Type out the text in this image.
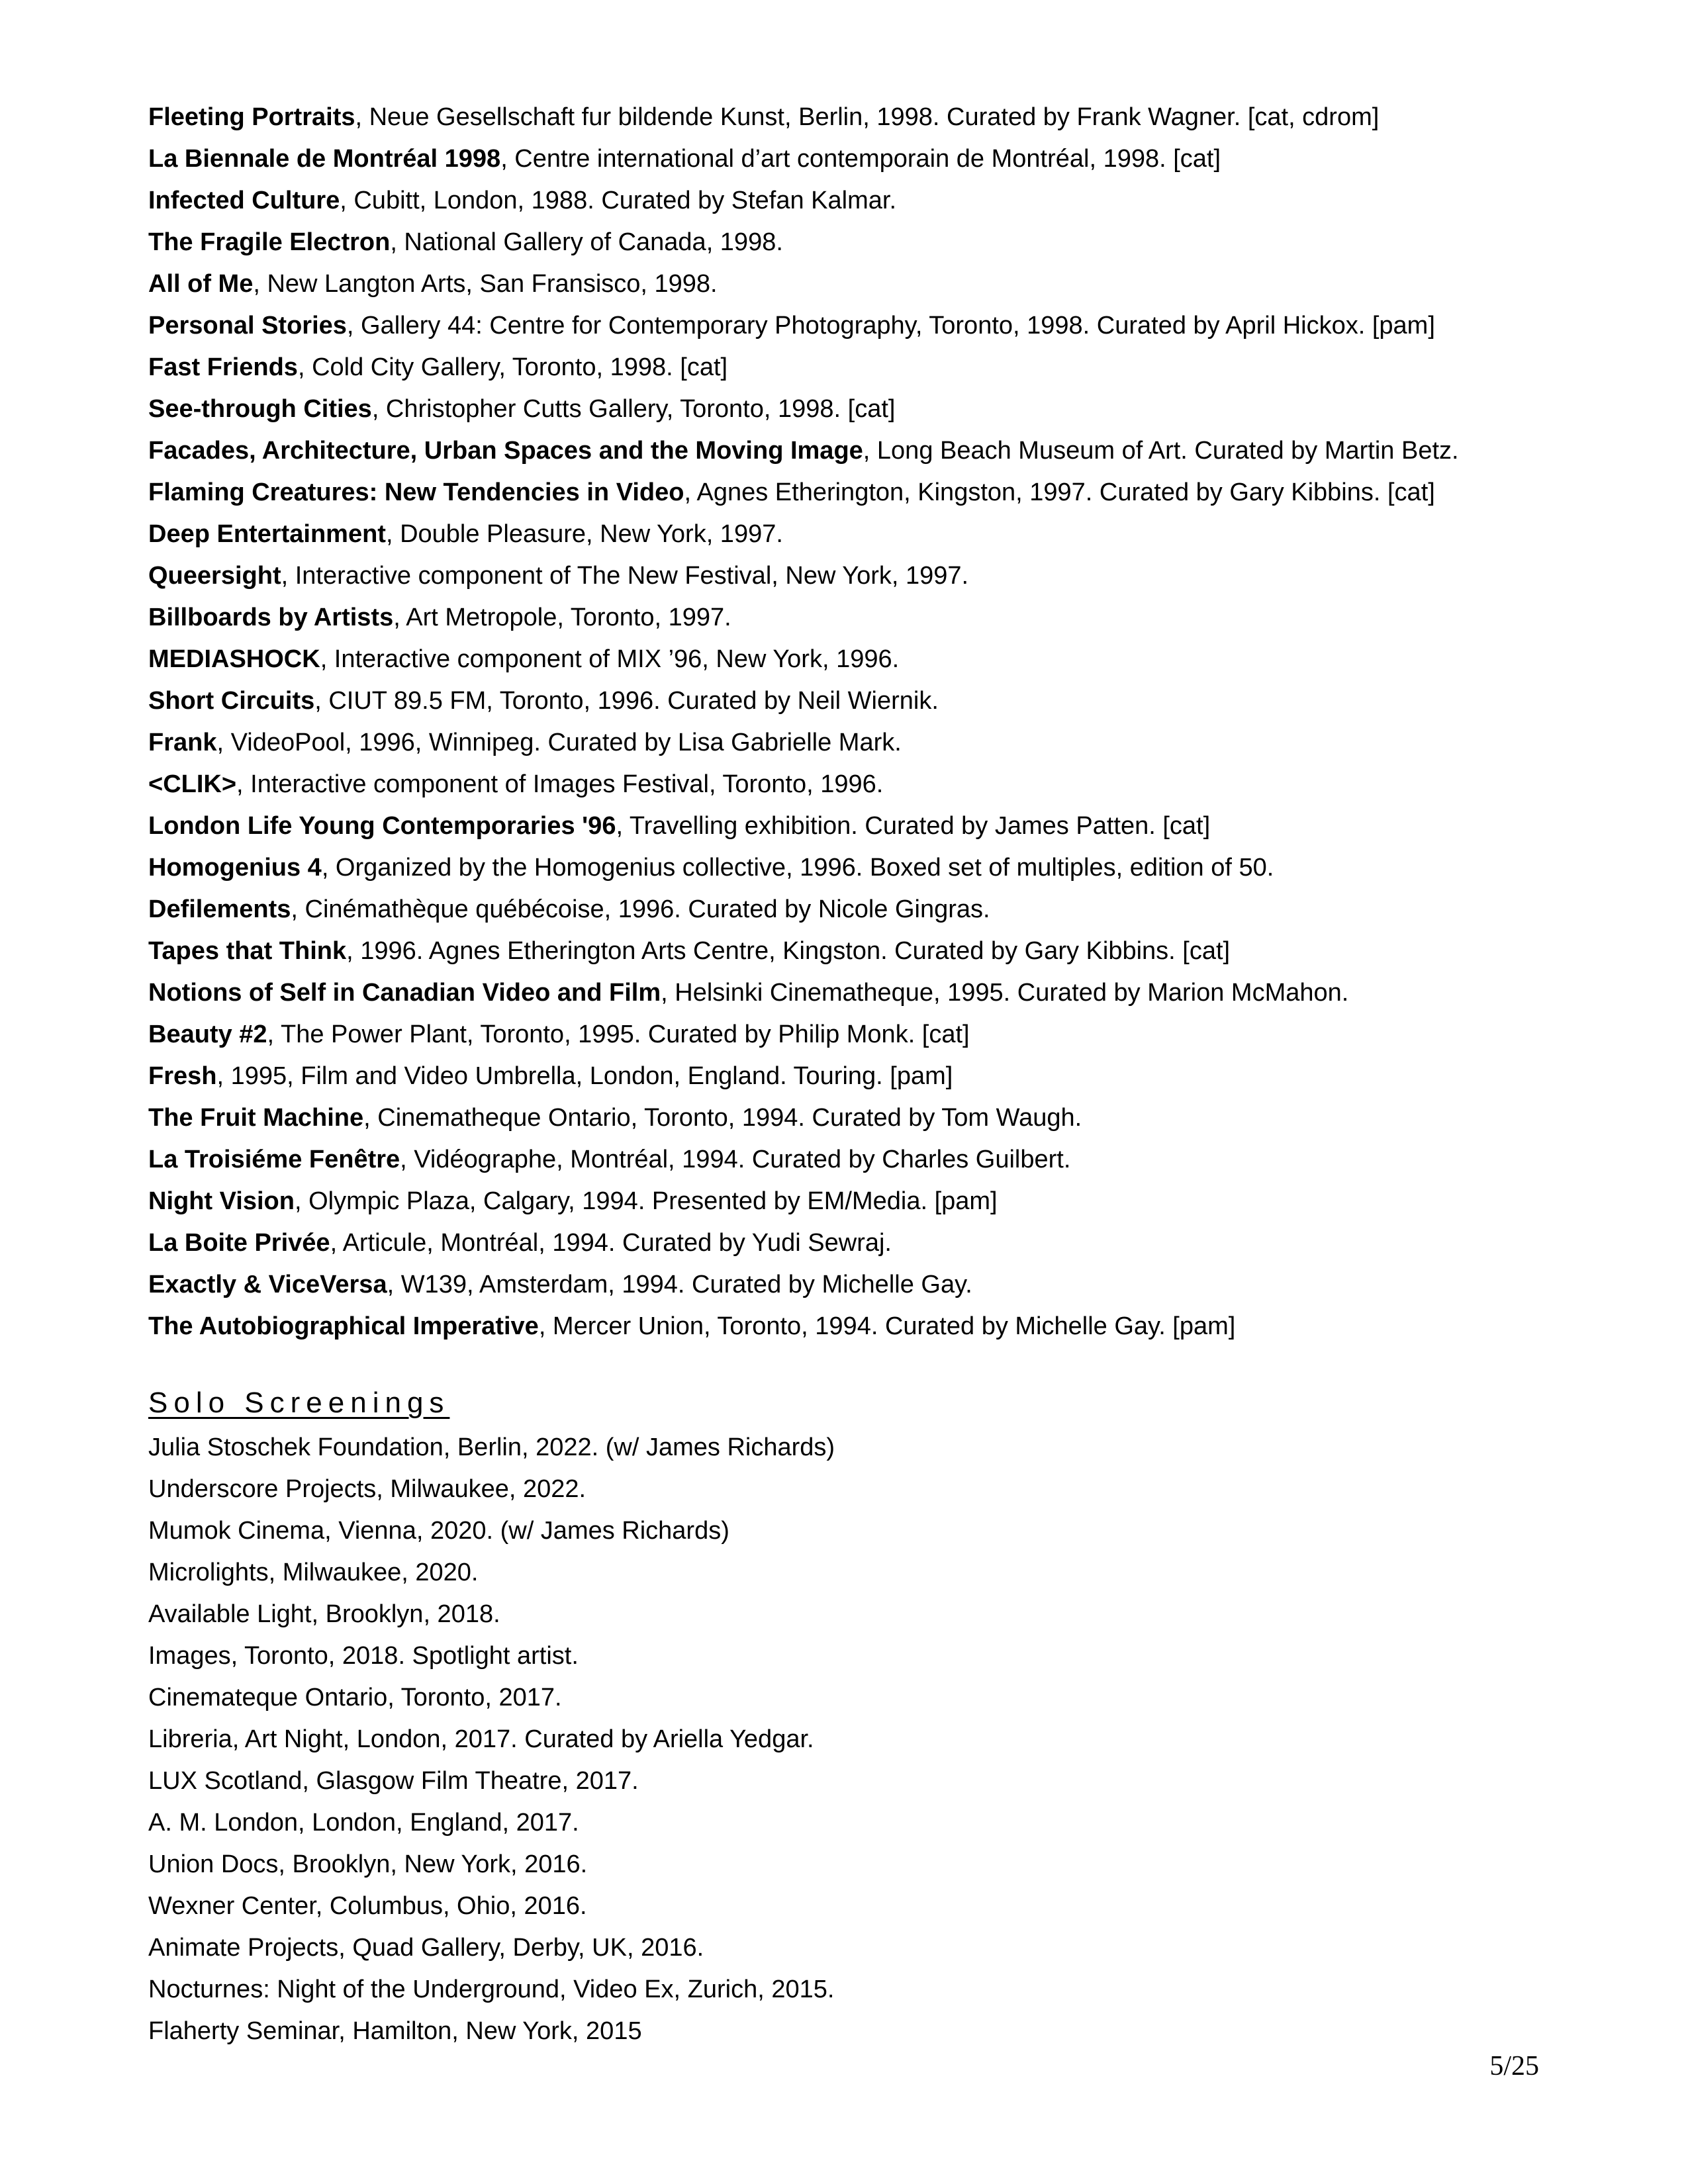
Fleeting Portraits, Neue Gesellschaft fur bildende Kunst, Berlin, 1998. Curated by Frank Wagner. [cat, cdrom]
La Biennale de Montréal 1998, Centre international d’art contemporain de Montréal, 1998. [cat]
Infected Culture, Cubitt, London, 1988. Curated by Stefan Kalmar.
The Fragile Electron, National Gallery of Canada, 1998.
All of Me, New Langton Arts, San Fransisco, 1998.
Personal Stories, Gallery 44: Centre for Contemporary Photography, Toronto, 1998. Curated by April Hickox. [pam]
Fast Friends, Cold City Gallery, Toronto, 1998. [cat]
See-through Cities, Christopher Cutts Gallery, Toronto, 1998. [cat]
Facades, Architecture, Urban Spaces and the Moving Image, Long Beach Museum of Art. Curated by Martin Betz.
Flaming Creatures: New Tendencies in Video, Agnes Etherington, Kingston, 1997. Curated by Gary Kibbins. [cat]
Deep Entertainment, Double Pleasure, New York, 1997.
Queersight, Interactive component of The New Festival, New York, 1997.
Billboards by Artists, Art Metropole, Toronto, 1997.
MEDIASHOCK, Interactive component of MIX ’96, New York, 1996.
Short Circuits, CIUT 89.5 FM, Toronto, 1996. Curated by Neil Wiernik.
Frank, VideoPool, 1996, Winnipeg. Curated by Lisa Gabrielle Mark.
<CLIK>, Interactive component of Images Festival, Toronto, 1996.
London Life Young Contemporaries '96, Travelling exhibition. Curated by James Patten. [cat]
Homogenius 4, Organized by the Homogenius collective, 1996. Boxed set of multiples, edition of 50.
Defilements, Cinémathèque québécoise, 1996. Curated by Nicole Gingras.
Tapes that Think, 1996. Agnes Etherington Arts Centre, Kingston. Curated by Gary Kibbins. [cat]
Notions of Self in Canadian Video and Film, Helsinki Cinematheque, 1995. Curated by Marion McMahon.
Beauty #2, The Power Plant, Toronto, 1995. Curated by Philip Monk. [cat]
Fresh, 1995, Film and Video Umbrella, London, England. Touring. [pam]
The Fruit Machine, Cinematheque Ontario, Toronto, 1994. Curated by Tom Waugh.
La Troisiéme Fenêtre, Vidéographe, Montréal, 1994. Curated by Charles Guilbert.
Night Vision, Olympic Plaza, Calgary, 1994. Presented by EM/Media. [pam]
La Boite Privée, Articule, Montréal, 1994. Curated by Yudi Sewraj.
Exactly & ViceVersa, W139, Amsterdam, 1994. Curated by Michelle Gay.
The Autobiographical Imperative, Mercer Union, Toronto, 1994. Curated by Michelle Gay. [pam]
Solo Screenings
Julia Stoschek Foundation, Berlin, 2022. (w/ James Richards)
Underscore Projects, Milwaukee, 2022.
Mumok Cinema, Vienna, 2020. (w/ James Richards)
Microlights, Milwaukee, 2020.
Available Light, Brooklyn, 2018.
Images, Toronto, 2018. Spotlight artist.
Cinemateque Ontario, Toronto, 2017.
Libreria, Art Night, London, 2017. Curated by Ariella Yedgar.
LUX Scotland, Glasgow Film Theatre, 2017.
A. M. London, London, England, 2017.
Union Docs, Brooklyn, New York, 2016.
Wexner Center, Columbus, Ohio, 2016.
Animate Projects, Quad Gallery, Derby, UK, 2016.
Nocturnes: Night of the Underground, Video Ex, Zurich, 2015.
Flaherty Seminar, Hamilton, New York, 2015
5/25
